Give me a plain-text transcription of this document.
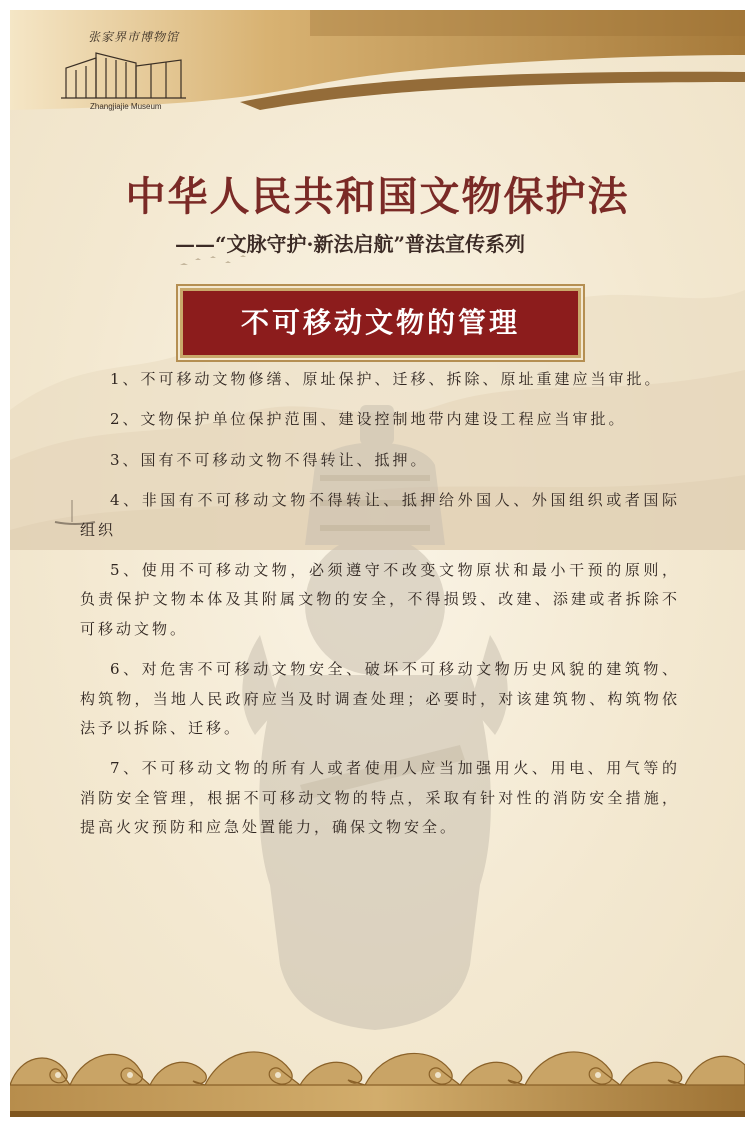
张家界市博物馆
Zhangjiajie Museum
中华人民共和国文物保护法
——“文脉守护·新法启航”普法宣传系列
不可移动文物的管理

1、不可移动文物修缮、原址保护、迁移、拆除、原址重建应当审批。

2、文物保护单位保护范围、建设控制地带内建设工程应当审批。

3、国有不可移动文物不得转让、抵押。

4、非国有不可移动文物不得转让、抵押给外国人、外国组织或者国际组织

5、使用不可移动文物，必须遵守不改变文物原状和最小干预的原则，负责保护文物本体及其附属文物的安全，不得损毁、改建、添建或者拆除不可移动文物。

6、对危害不可移动文物安全、破坏不可移动文物历史风貌的建筑物、构筑物，当地人民政府应当及时调查处理；必要时，对该建筑物、构筑物依法予以拆除、迁移。

7、不可移动文物的所有人或者使用人应当加强用火、用电、用气等的消防安全管理，根据不可移动文物的特点，采取有针对性的消防安全措施，提高火灾预防和应急处置能力，确保文物安全。
